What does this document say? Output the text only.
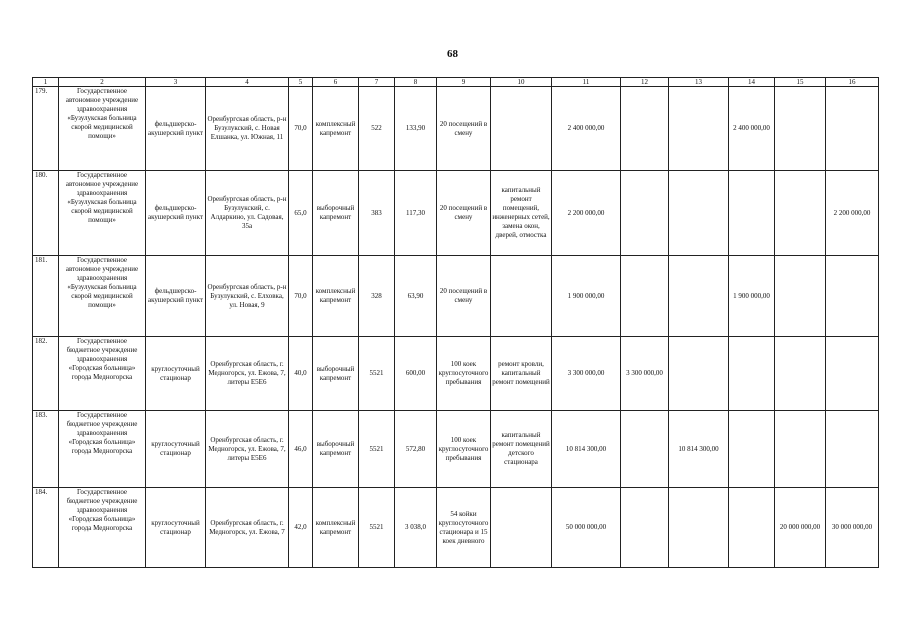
68
1	2	3	4	5	6	7	8	9	10	11	12	13	14	15	16
179.	Государственное автономное учреждение здравоохранения «Бузулукская больница скорой медицинской помощи»	фельдшерско-акушерский пункт	Оренбургская область, р-н Бузулукский, с. Новая Елшанка, ул. Южная, 11	70,0	комплексный капремонт	522	133,90	20 посещений в смену		2 400 000,00			2 400 000,00		
180.	Государственное автономное учреждение здравоохранения «Бузулукская больница скорой медицинской помощи»	фельдшерско-акушерский пункт	Оренбургская область, р-н Бузулукский, с. Алдаркино, ул. Садовая, 35а	65,0	выборочный капремонт	383	117,30	20 посещений в смену	капитальный ремонт помещений, инженерных сетей, замена окон, дверей, отмостка	2 200 000,00					2 200 000,00
181.	Государственное автономное учреждение здравоохранения «Бузулукская больница скорой медицинской помощи»	фельдшерско-акушерский пункт	Оренбургская область, р-н Бузулукский, с. Елховка, ул. Новая, 9	70,0	комплексный капремонт	328	63,90	20 посещений в смену		1 900 000,00			1 900 000,00		
182.	Государственное бюджетное учреждение здравоохранения «Городская больница» города Медногорска	круглосуточный стационар	Оренбургская область, г. Медногорск, ул. Ежова, 7, литеры Е5Е6	40,0	выборочный капремонт	5521	600,00	100 коек круглосуточного пребывания	ремонт кровли, капитальный ремонт помещений	3 300 000,00	3 300 000,00				
183.	Государственное бюджетное учреждение здравоохранения «Городская больница» города Медногорска	круглосуточный стационар	Оренбургская область, г. Медногорск, ул. Ежова, 7, литеры Е5Е6	46,0	выборочный капремонт	5521	572,80	100 коек круглосуточного пребывания	капитальный ремонт помещений детского стационара	10 814 300,00		10 814 300,00			
184.	Государственное бюджетное учреждение здравоохранения «Городская больница» города Медногорска	круглосуточный стационар	Оренбургская область, г. Медногорск, ул. Ежова, 7	42,0	комплексный капремонт	5521	3 038,0	54 койки круглосуточного стационара и 15 коек дневного		50 000 000,00				20 000 000,00	30 000 000,00
